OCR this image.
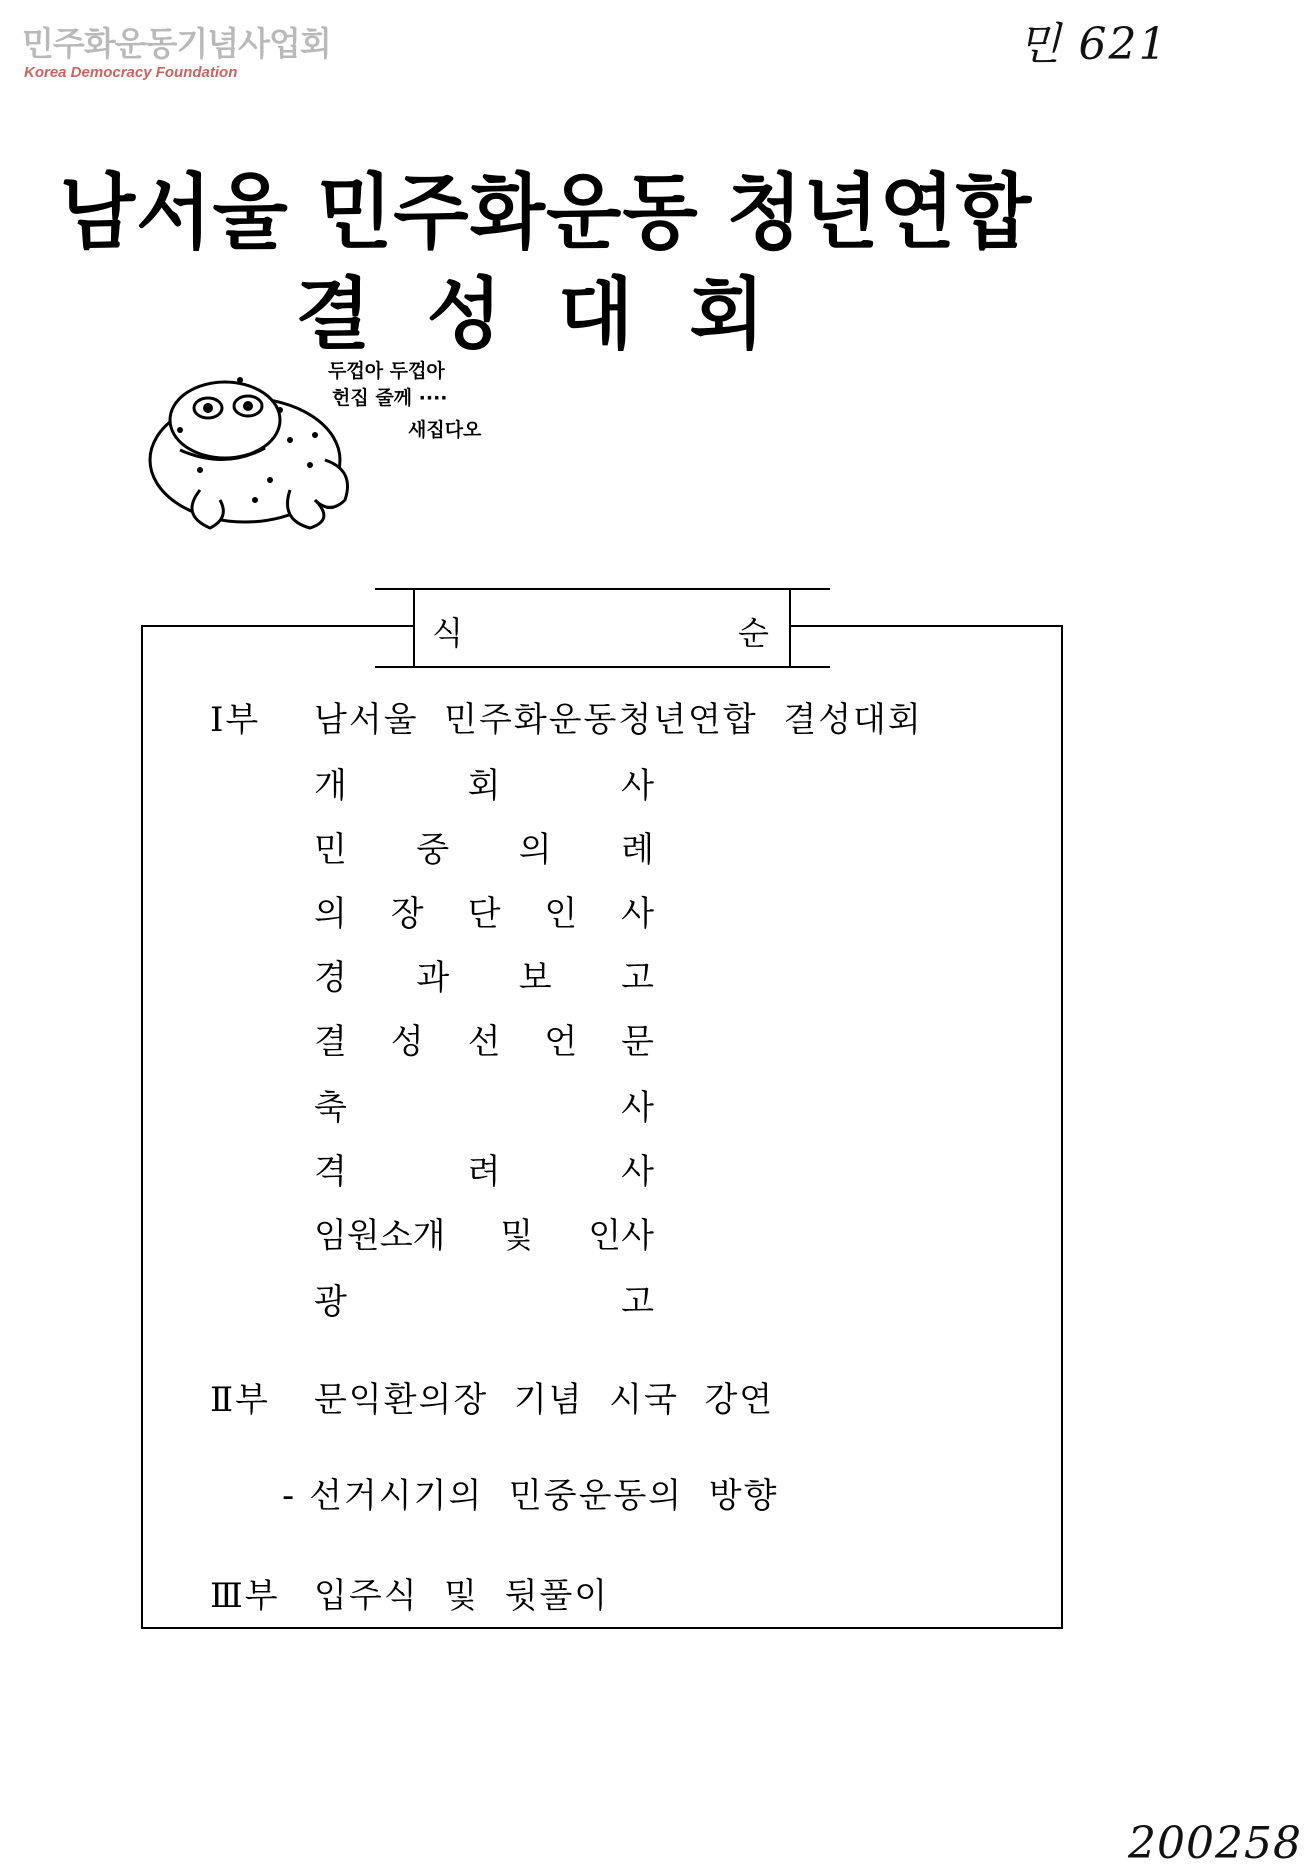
민주화운동기념사업회
Korea Democracy Foundation
민 621
200258
남서울 민주화운동 청년연합
결성대회
두껍아 두껍아
헌집 줄께 ····
새집다오
식	순
Ⅰ부 남서울  민주화운동청년연합  결성대회
개	회	사
민 중 의 례
의 장 단 인 사
경 과 보 고
결 성 선 언 문
축	사
격	려	사
임원소개 및 인사
광	고
Ⅱ부 문익환의장  기념  시국  강연
- 선거시기의  민중운동의  방향
Ⅲ부 입주식  및  뒷풀이
